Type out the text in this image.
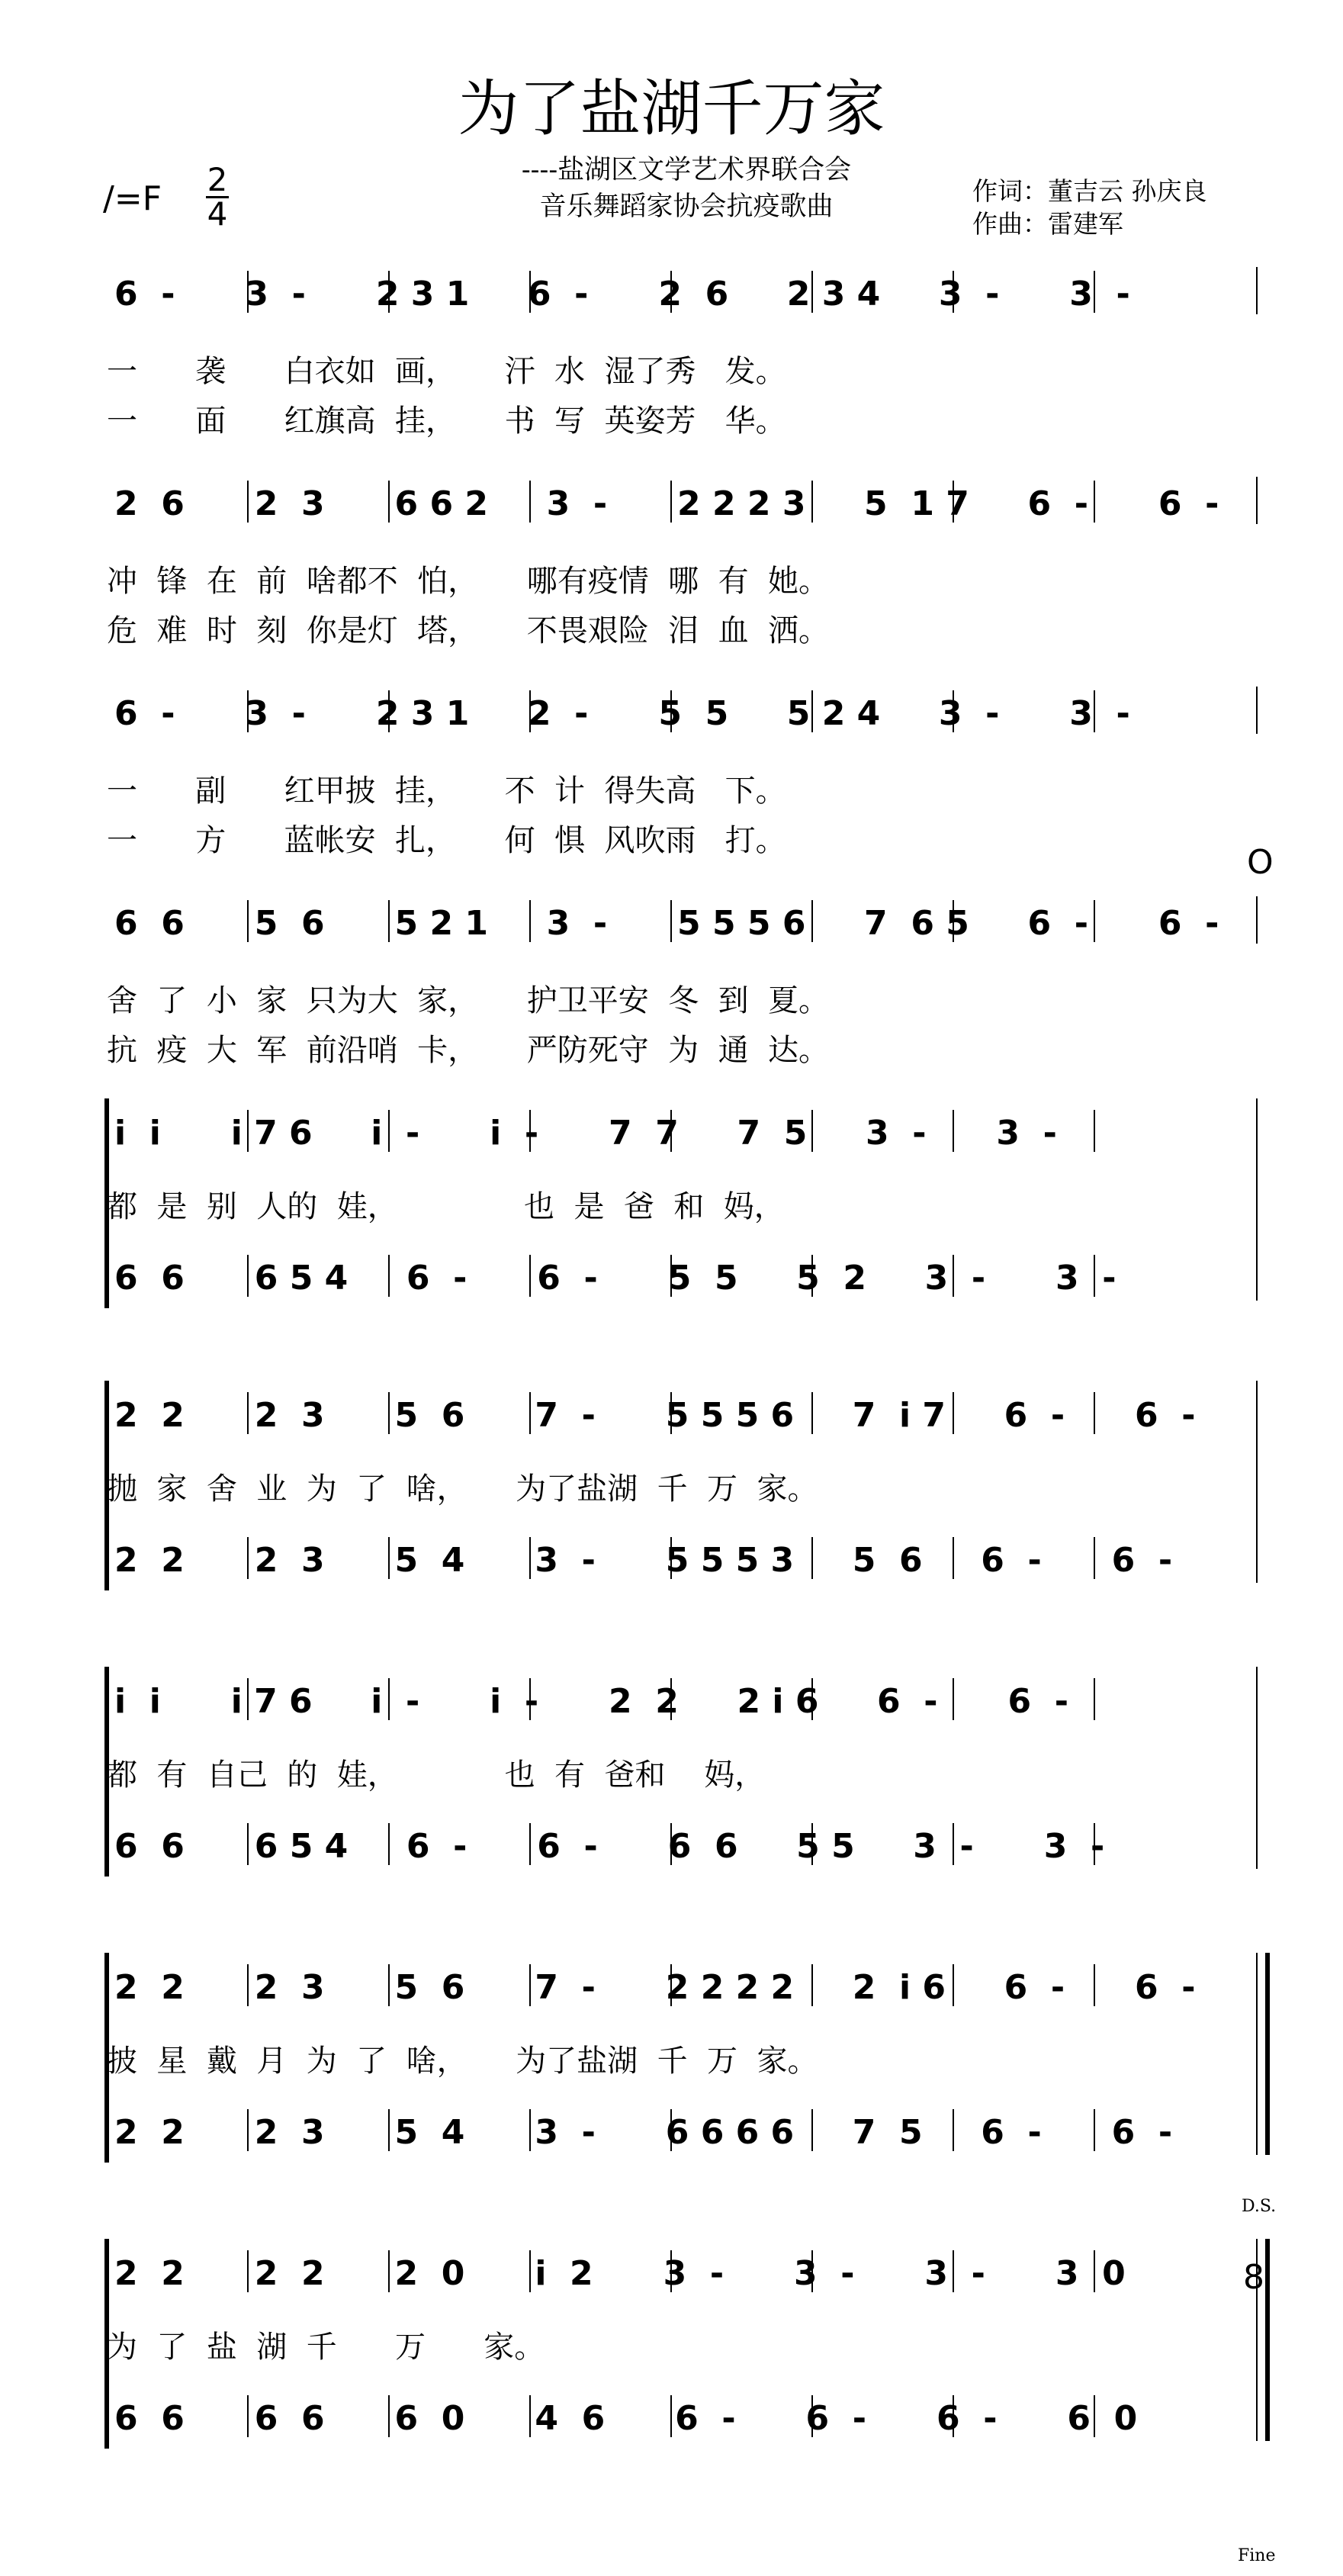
为了盐湖千万家
----盐湖区文学艺术界联合会
音乐舞蹈家协会抗疫歌曲
作词：董吉云 孙庆良
作曲：雷建军
/=F 2
4
O
D.S.
Fine
8
6  -      3  -      2 3 1     6  -      2  6     2 3 4     3  -      3  -
2  6      2  3      6 6 2     3  -      2 2 2 3     5  1 7     6  -      6  -
6  -      3  -      2 3 1     2  -      5  5     5 2 4     3  -      3  -
6  6      5  6      5 2 1     3  -      5 5 5 6     7  6 5     6  -      6  -
i  i      i 7 6     i  -      i  -      7  7     7  5     3  -      3  -
6  6      6 5 4     6  -      6  -      5  5     5  2     3  -      3  -
2  2      2  3      5  6      7  -      5 5 5 6     7  i 7     6  -      6  -
2  2      2  3      5  4      3  -      5 5 5 3     5  6     6  -      6  -
i  i      i 7 6     i  -      i  -      2  2     2 i 6     6  -      6  -
6  6      6 5 4     6  -      6  -      6  6     5 5     3  -      3  -
2  2      2  3      5  6      7  -      2 2 2 2     2  i 6     6  -      6  -
2  2      2  3      5  4      3  -      6 6 6 6     7  5     6  -      6  -
2  2      2  2      2  0      i  2      3  -      3  -      3  -      3  0
6  6      6  6      6  0      4  6      6  -      6  -      6  -      6  0
一      袭      白衣如  画，     汗  水  湿了秀   发。
一      面      红旗高  挂，     书  写  英姿芳   华。
冲  锋  在  前  啥都不  怕，     哪有疫情  哪  有  她。
危  难  时  刻  你是灯  塔，     不畏艰险  泪  血  洒。
一      副      红甲披  挂，     不  计  得失高   下。
一      方      蓝帐安  扎，     何  惧  风吹雨   打。
舍  了  小  家  只为大  家，     护卫平安  冬  到  夏。
抗  疫  大  军  前沿哨  卡，     严防死守  为  通  达。
都  是  别  人的  娃，             也  是  爸  和  妈，
抛  家  舍  业  为  了  啥，     为了盐湖  千  万  家。
都  有  自己  的  娃，           也  有  爸和    妈，
披  星  戴  月  为  了  啥，     为了盐湖  千  万  家。
为  了  盐  湖  千      万      家。
